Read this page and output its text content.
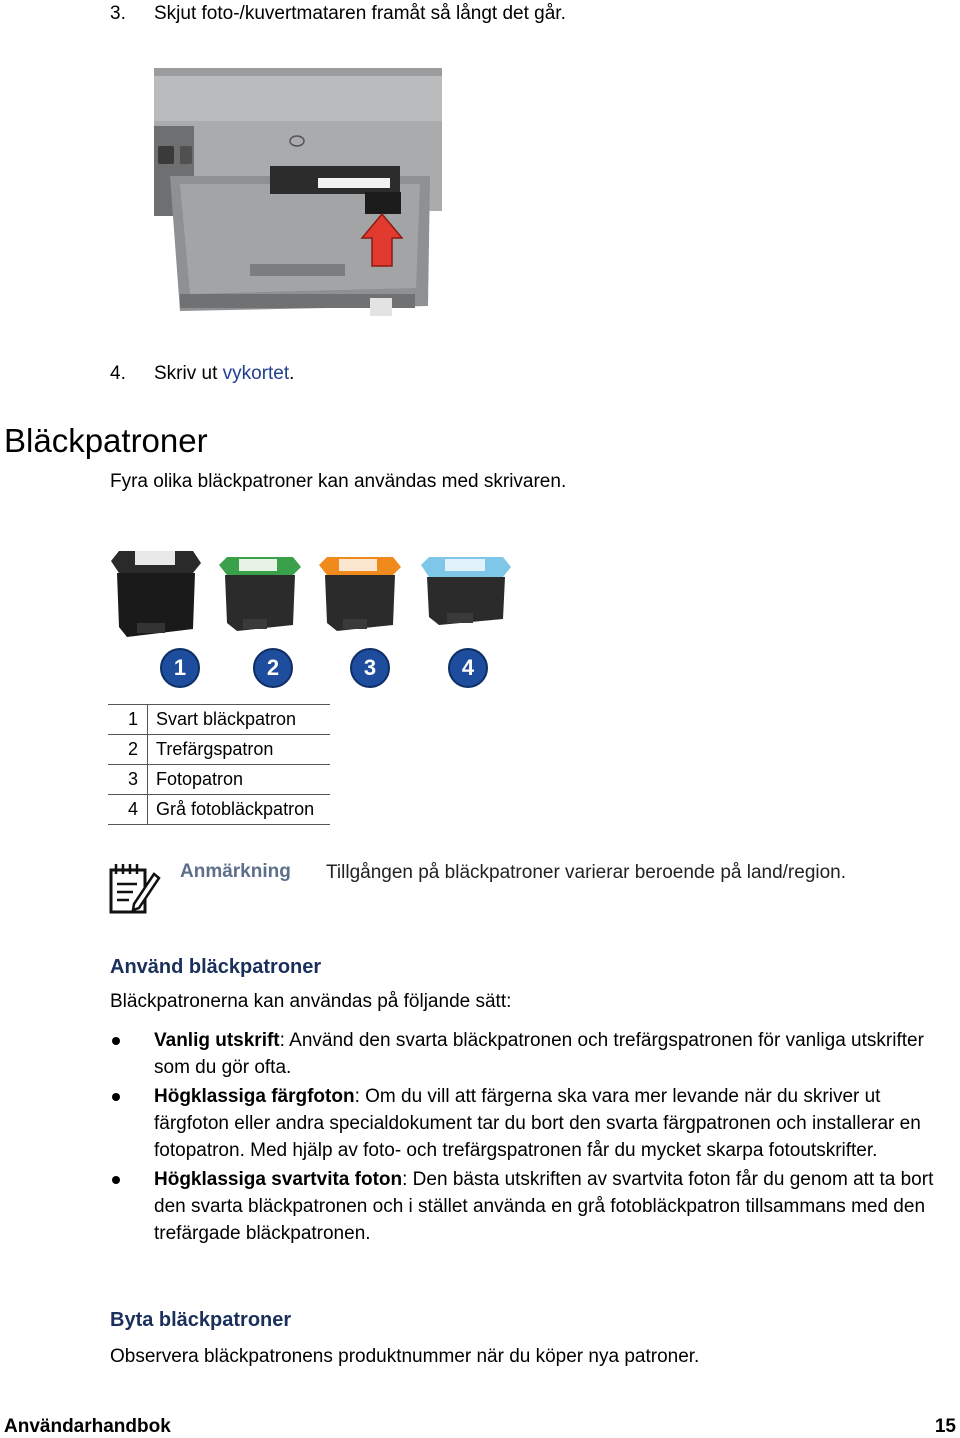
3. Skjut foto-/kuvertmataren framåt så långt det går.
4. Skriv ut vykortet.
Bläckpatroner
Fyra olika bläckpatroner kan användas med skrivaren.
1	2	3	4
1	Svart bläckpatron
2	Trefärgspatron
3	Fotopatron
4	Grå fotobläckpatron
Anmärkning Tillgången på bläckpatroner varierar beroende på land/region.
Använd bläckpatroner
Bläckpatronerna kan användas på följande sätt:
Vanlig utskrift: Använd den svarta bläckpatronen och trefärgspatronen för vanliga utskrifter som du gör ofta.
Högklassiga färgfoton: Om du vill att färgerna ska vara mer levande när du skriver ut färgfoton eller andra specialdokument tar du bort den svarta färgpatronen och installerar en fotopatron. Med hjälp av foto- och trefärgspatronen får du mycket skarpa fotoutskrifter.
Högklassiga svartvita foton: Den bästa utskriften av svartvita foton får du genom att ta bort den svarta bläckpatronen och i stället använda en grå fotobläckpatron tillsammans med den trefärgade bläckpatronen.
Byta bläckpatroner
Observera bläckpatronens produktnummer när du köper nya patroner.
Användarhandbok	15
